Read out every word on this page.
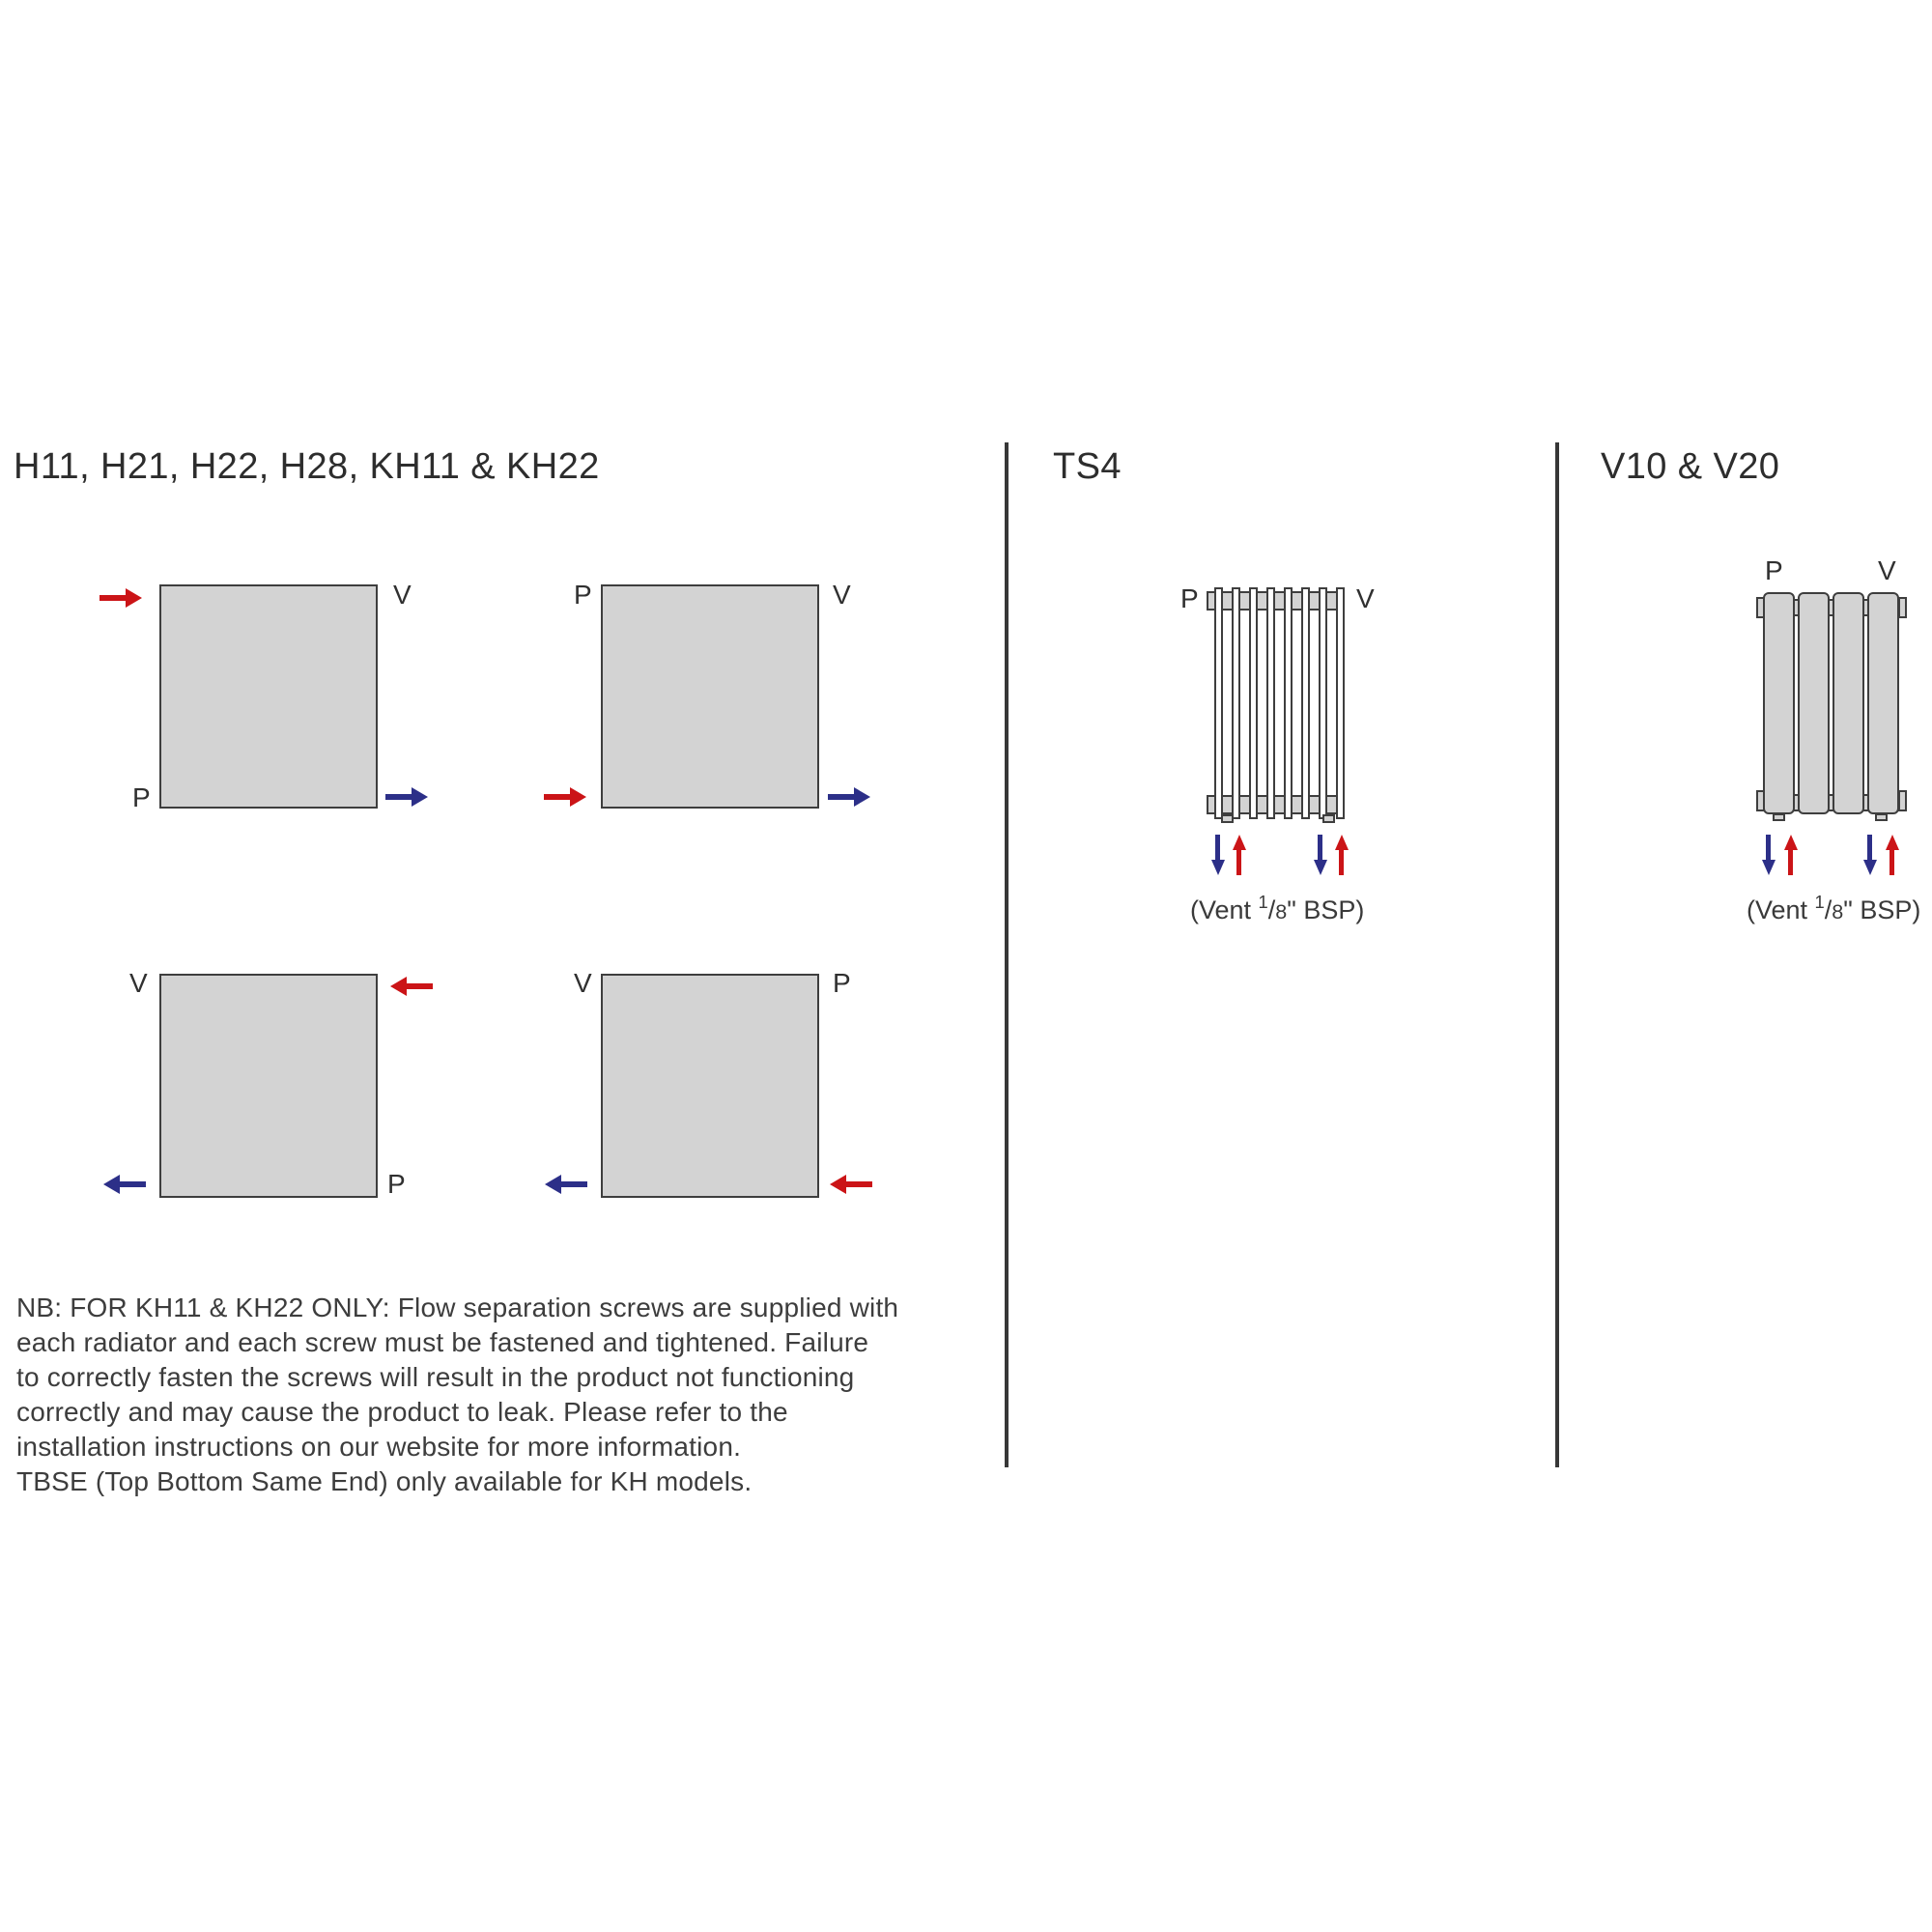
H11, H21, H22, H28, KH11 & KH22	TS4	V10 & V20
V
P
P	V
V
P
V	P
P	V
(Vent $^1$/8" BSP)
P	V
(Vent $^1$/8" BSP)
NB: FOR KH11 & KH22 ONLY: Flow separation screws are supplied with
each radiator and each screw must be fastened and tightened. Failure
to correctly fasten the screws will result in the product not functioning
correctly and may cause the product to leak. Please refer to the
installation instructions on our website for more information.
TBSE (Top Bottom Same End) only available for KH models.
